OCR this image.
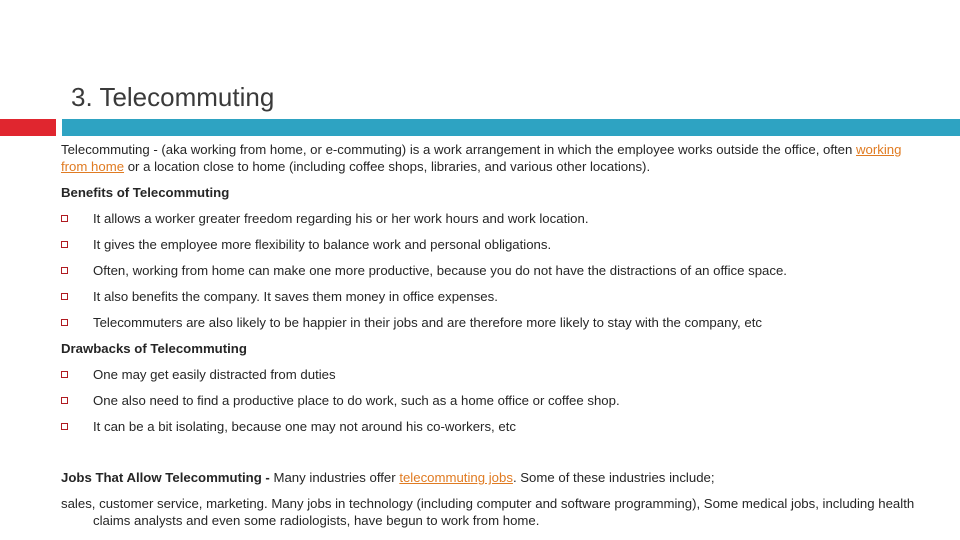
3. Telecommuting

Telecommuting - (aka working from home, or e-commuting) is a work arrangement in which the employee works outside the office, often working from home or a location close to home (including coffee shops, libraries, and various other locations).

Benefits of Telecommuting

It allows a worker greater freedom regarding his or her work hours and work location.
It gives the employee more flexibility to balance work and personal obligations.
Often, working from home can make one more productive, because you do not have the distractions of an office space.
It also benefits the company. It saves them money in office expenses.
Telecommuters are also likely to be happier in their jobs and are therefore more likely to stay with the company, etc

Drawbacks of Telecommuting

One may get easily distracted from duties
One also need to find a productive place to do work, such as a home office or coffee shop.
It can be a bit isolating, because one may not around his co-workers, etc

Jobs That Allow Telecommuting - Many industries offer telecommuting jobs. Some of these industries include;

sales, customer service, marketing. Many jobs in technology (including computer and software programming), Some medical jobs, including health claims analysts and even some radiologists, have begun to work from home.
